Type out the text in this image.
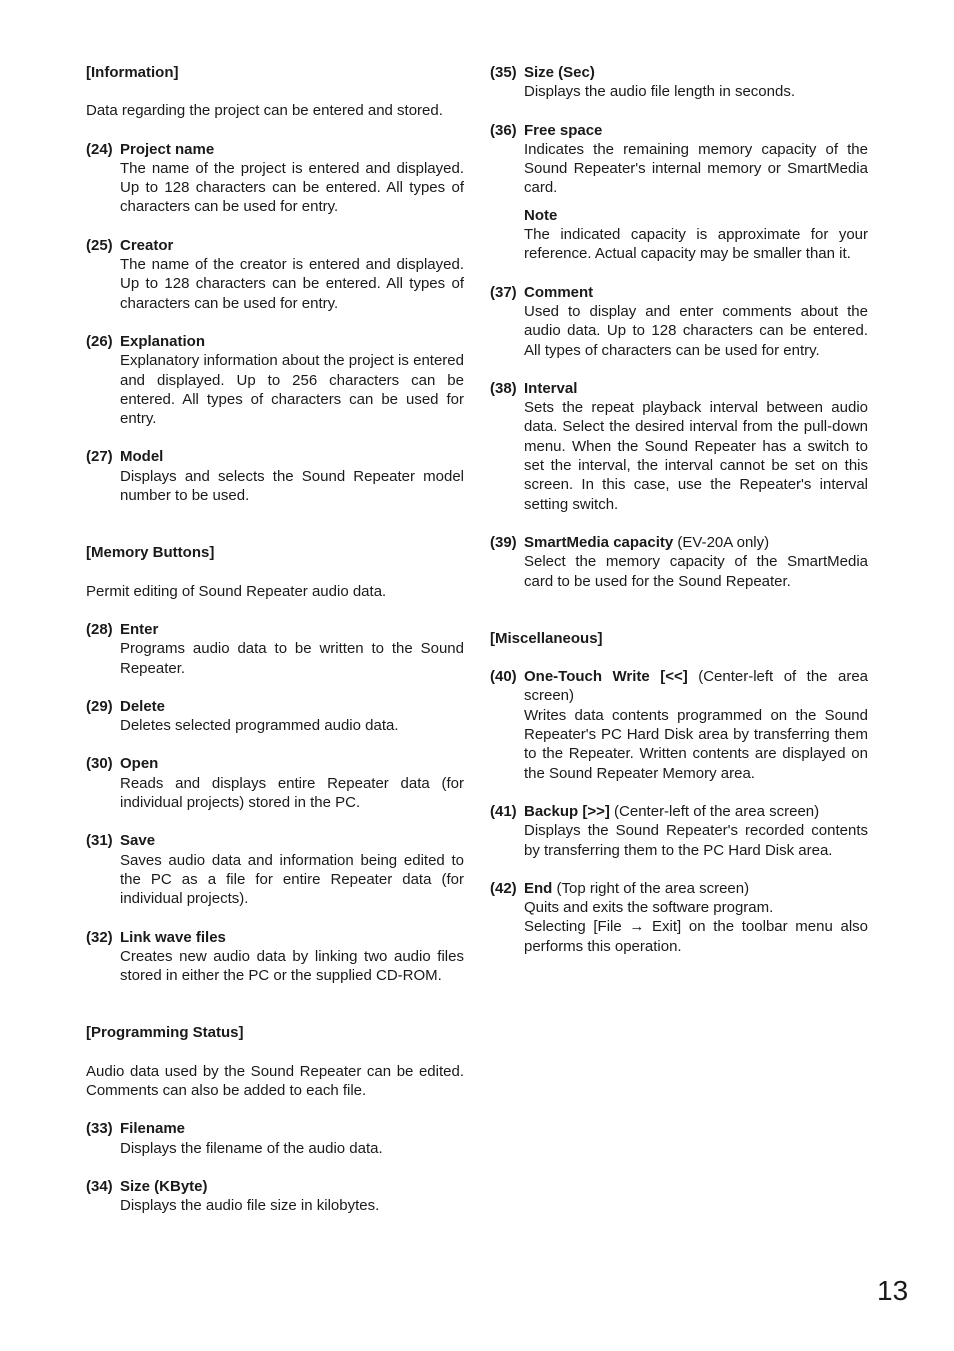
[Information]
Data regarding the project can be entered and stored.
(24) Project name
The name of the project is entered and displayed. Up to 128 characters can be entered. All types of characters can be used for entry.
(25) Creator
The name of the creator is entered and displayed. Up to 128 characters can be entered. All types of characters can be used for entry.
(26) Explanation
Explanatory information about the project is entered and displayed. Up to 256 characters can be entered. All types of characters can be used for entry.
(27) Model
Displays and selects the Sound Repeater model number to be used.
[Memory Buttons]
Permit editing of Sound Repeater audio data.
(28) Enter
Programs audio data to be written to the Sound Repeater.
(29) Delete
Deletes selected programmed audio data.
(30) Open
Reads and displays entire Repeater data (for individual projects) stored in the PC.
(31) Save
Saves audio data and information being edited to the PC as a file for entire Repeater data (for individual projects).
(32) Link wave files
Creates new audio data by linking two audio files stored in either the PC or the supplied CD-ROM.
[Programming Status]
Audio data used by the Sound Repeater can be edited. Comments can also be added to each file.
(33) Filename
Displays the filename of the audio data.
(34) Size (KByte)
Displays the audio file size in kilobytes.
(35) Size (Sec)
Displays the audio file length in seconds.
(36) Free space
Indicates the remaining memory capacity of the Sound Repeater's internal memory or SmartMedia card.
Note
The indicated capacity is approximate for your reference. Actual capacity may be smaller than it.
(37) Comment
Used to display and enter comments about the audio data. Up to 128 characters can be entered. All types of characters can be used for entry.
(38) Interval
Sets the repeat playback interval between audio data. Select the desired interval from the pull-down menu. When the Sound Repeater has a switch to set the interval, the interval cannot be set on this screen. In this case, use the Repeater's interval setting switch.
(39) SmartMedia capacity (EV-20A only)
Select the memory capacity of the SmartMedia card to be used for the Sound Repeater.
[Miscellaneous]
(40) One-Touch Write [<<] (Center-left of the area screen)
Writes data contents programmed on the Sound Repeater's PC Hard Disk area by transferring them to the Repeater. Written contents are displayed on the Sound Repeater Memory area.
(41) Backup [>>] (Center-left of the area screen)
Displays the Sound Repeater's recorded contents by transferring them to the PC Hard Disk area.
(42) End (Top right of the area screen)
Quits and exits the software program.
Selecting [File → Exit] on the toolbar menu also performs this operation.
13
